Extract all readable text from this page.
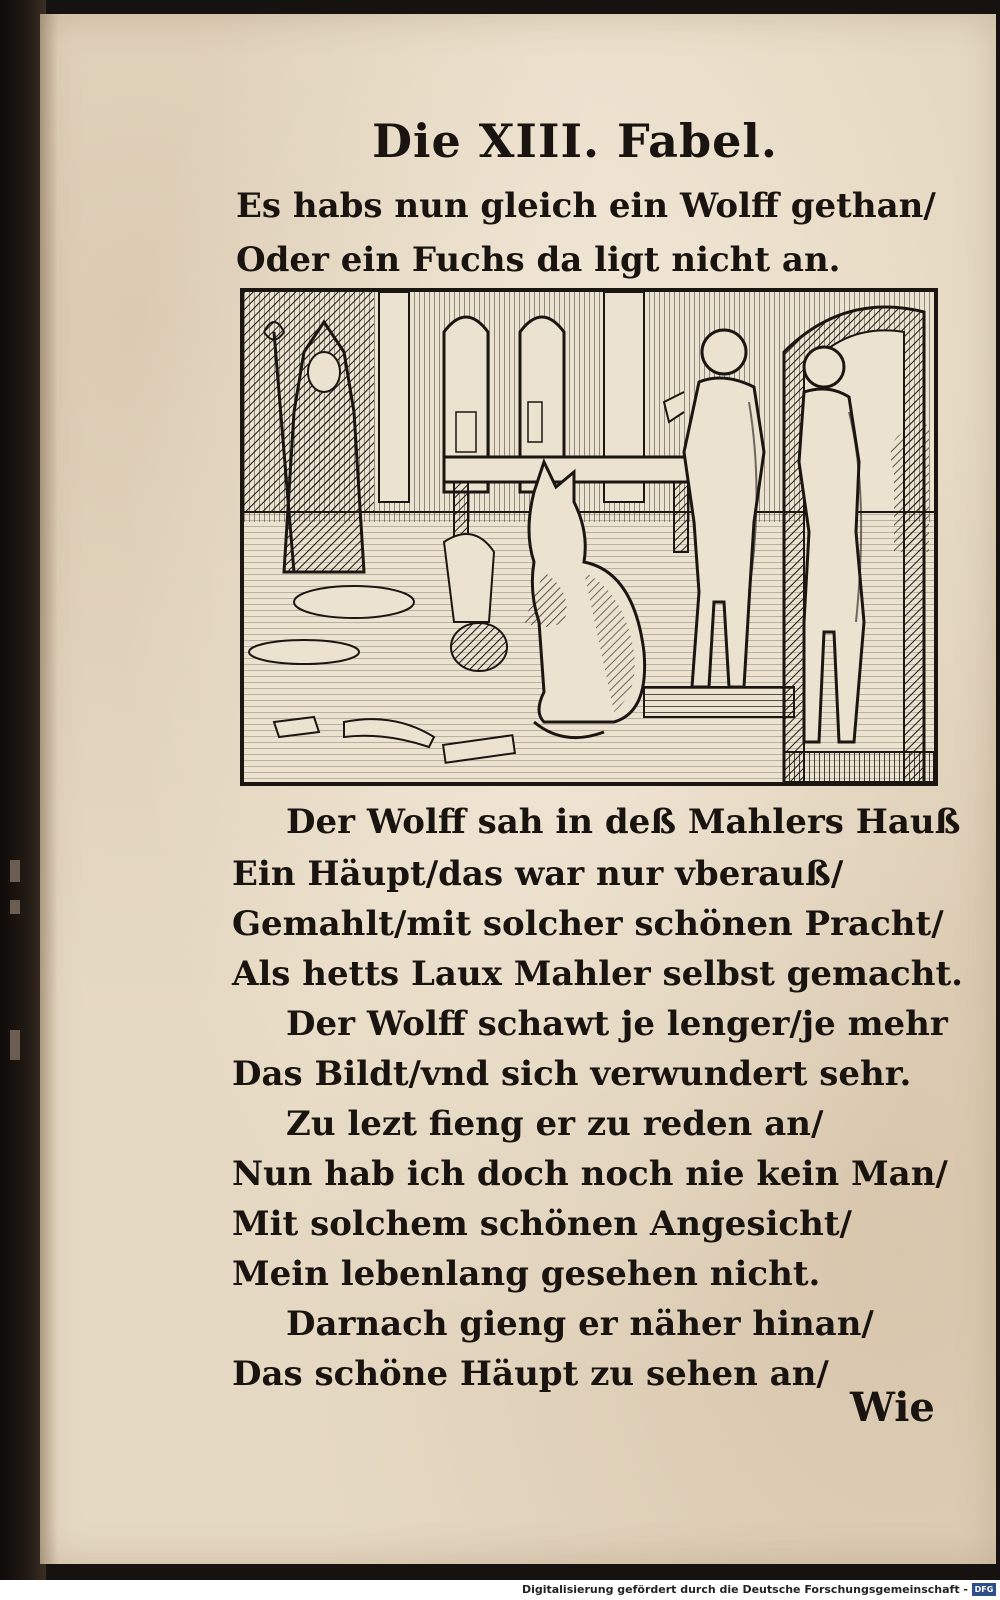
Die XIII. Fabel.
Es habs nun gleich ein Wolff gethan/
Oder ein Fuchs da ligt nicht an.
Der Wolff sah in deß Mahlers Hauß
Ein Häupt/das war nur vberauß/
Gemahlt/mit solcher schönen Pracht/
Als hetts Laux Mahler selbst gemacht.
Der Wolff schawt je lenger/je mehr
Das Bildt/vnd sich verwundert sehr.
Zu lezt fieng er zu reden an/
Nun hab ich doch noch nie kein Man/
Mit solchem schönen Angesicht/
Mein lebenlang gesehen nicht.
Darnach gieng er näher hinan/
Das schöne Häupt zu sehen an/
Wie
Digitalisierung gefördert durch die Deutsche Forschungsgemeinschaft - DFG
